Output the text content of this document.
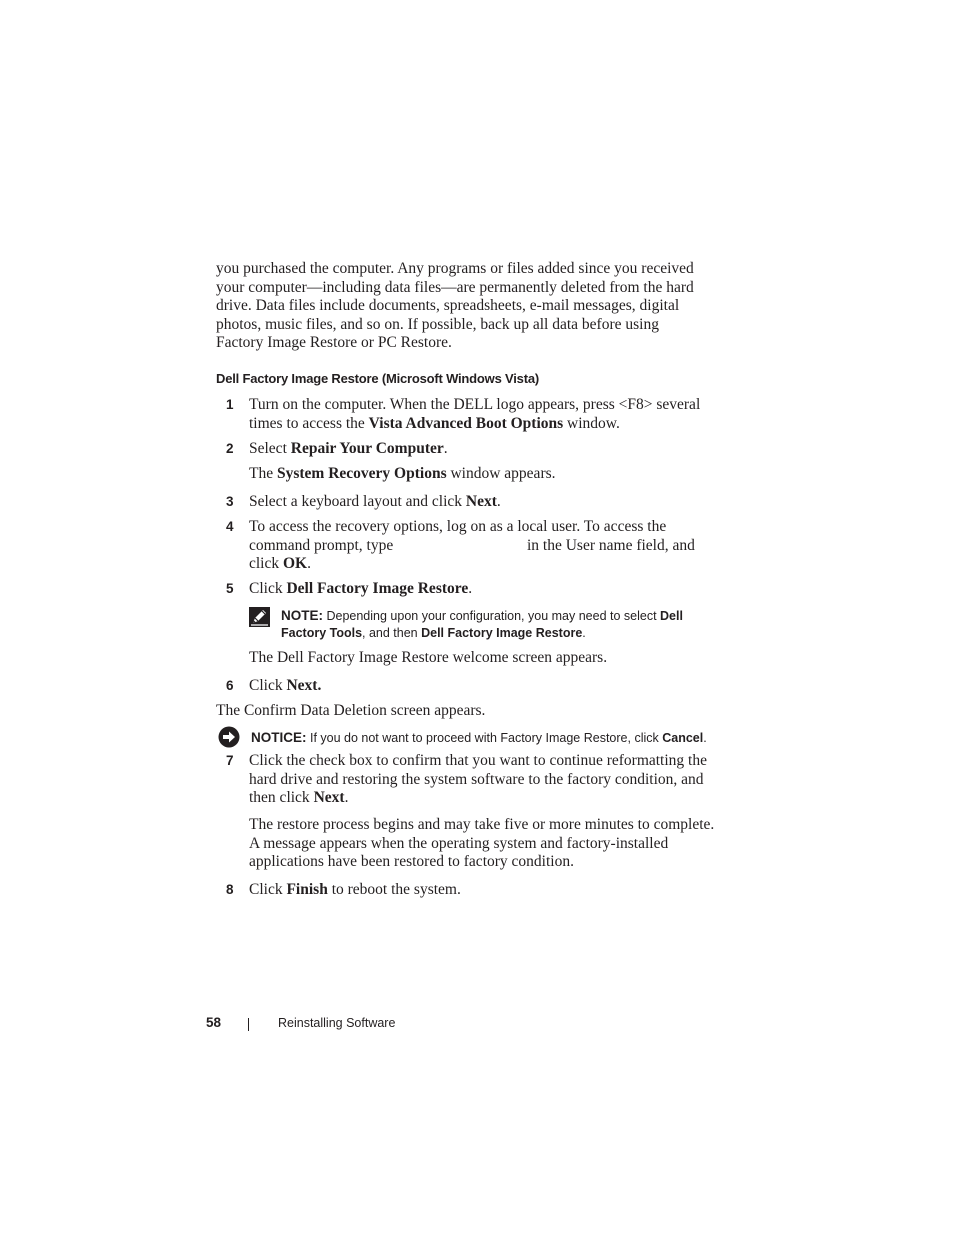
you purchased the computer. Any programs or files added since you received
your computer—including data files—are permanently deleted from the hard
drive. Data files include documents, spreadsheets, e-mail messages, digital
photos, music files, and so on. If possible, back up all data before using
Factory Image Restore or PC Restore.
Dell Factory Image Restore (Microsoft Windows Vista)
1 Turn on the computer. When the DELL logo appears, press <F8> several
times to access the Vista Advanced Boot Options window.
2 Select Repair Your Computer.
The System Recovery Options window appears.
3 Select a keyboard layout and click Next.
4 To access the recovery options, log on as a local user. To access the
command prompt, type	in the User name field, and
click OK.
5 Click Dell Factory Image Restore.
NOTE: Depending upon your configuration, you may need to select Dell
Factory Tools, and then Dell Factory Image Restore.
The Dell Factory Image Restore welcome screen appears.
6 Click Next.
The Confirm Data Deletion screen appears.
NOTICE: If you do not want to proceed with Factory Image Restore, click Cancel.
7 Click the check box to confirm that you want to continue reformatting the
hard drive and restoring the system software to the factory condition, and
then click Next.
The restore process begins and may take five or more minutes to complete.
A message appears when the operating system and factory-installed
applications have been restored to factory condition.
8 Click Finish to reboot the system.
58	Reinstalling Software
